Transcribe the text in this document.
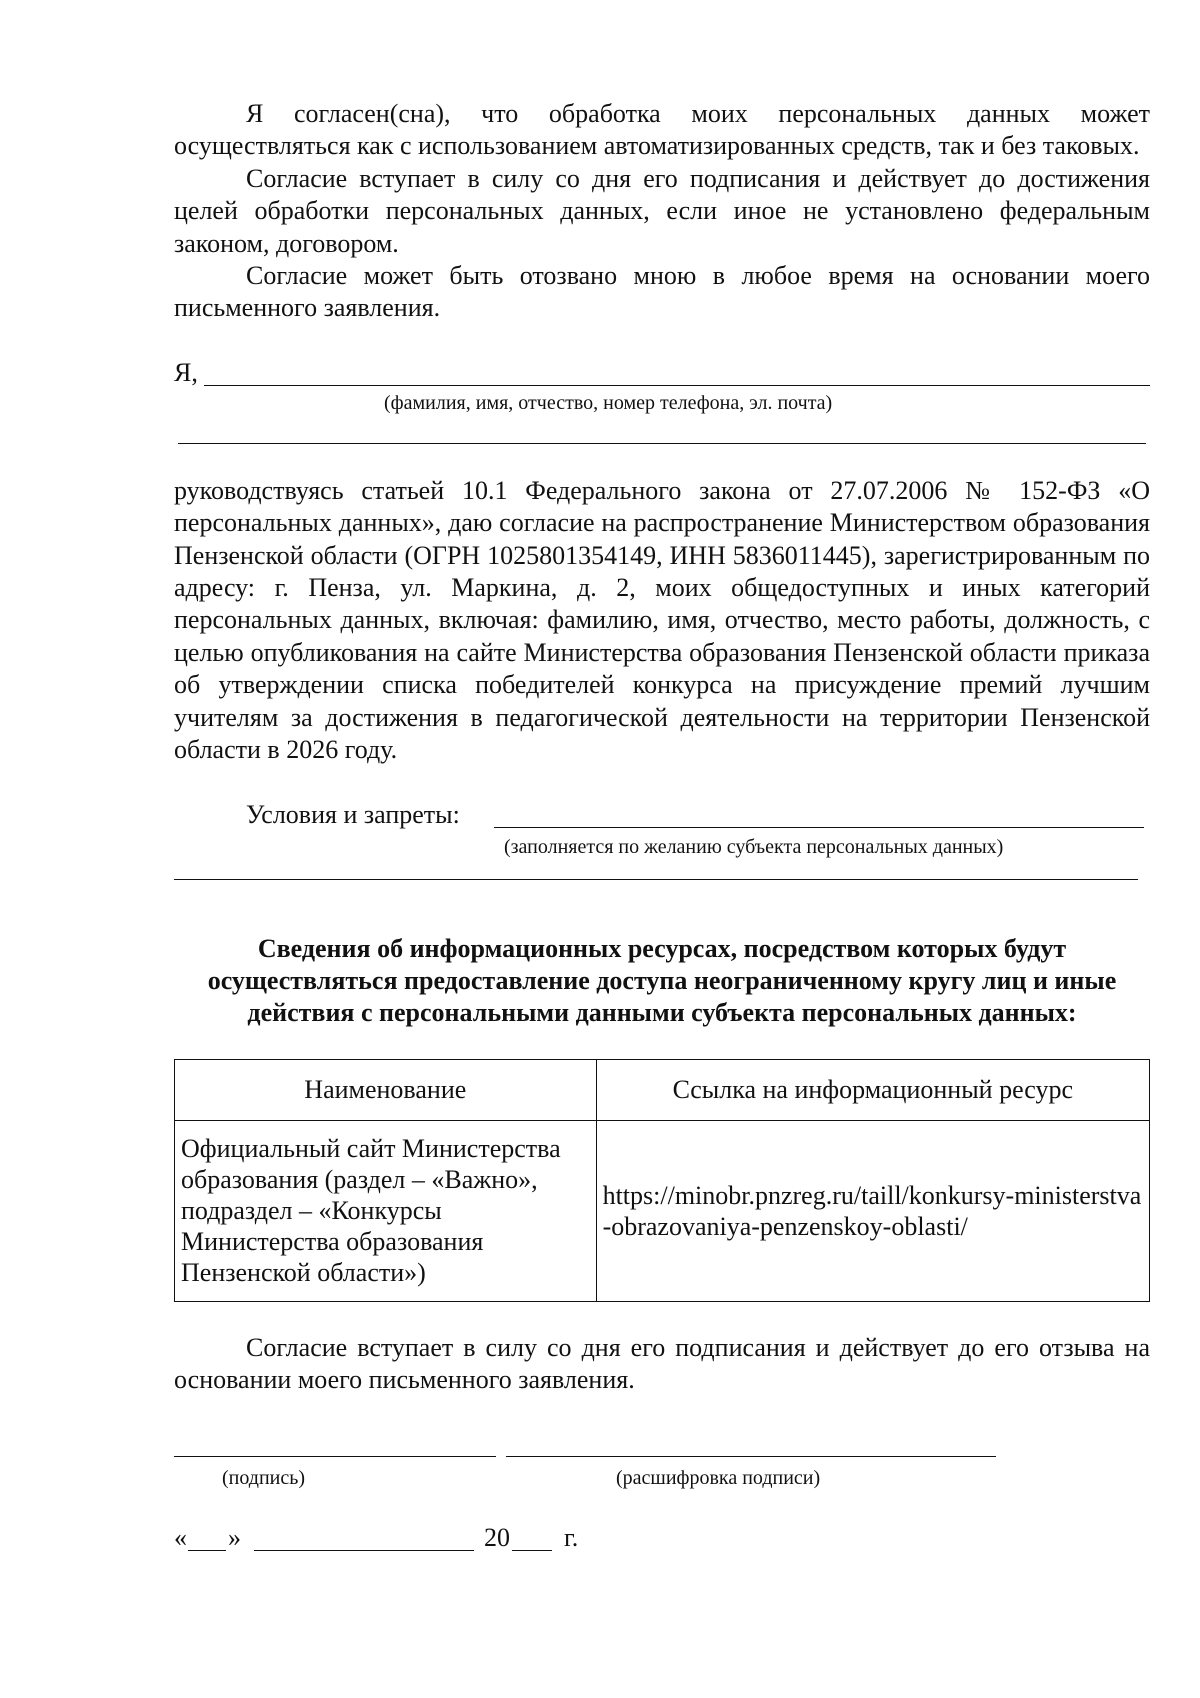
Я согласен(сна), что обработка моих персональных данных может осуществляться как с использованием автоматизированных средств, так и без таковых.

Согласие вступает в силу со дня его подписания и действует до достижения целей обработки персональных данных, если иное не установлено федеральным законом, договором.

Согласие может быть отозвано мною в любое время на основании моего письменного заявления.

Я,
(фамилия, имя, отчество, номер телефона, эл. почта)

руководствуясь статьей 10.1 Федерального закона от 27.07.2006 № 152-ФЗ «О персональных данных», даю согласие на распространение Министерством образования Пензенской области (ОГРН 1025801354149, ИНН 5836011445), зарегистрированным по адресу: г. Пенза, ул. Маркина, д. 2, моих общедоступных и иных категорий персональных данных, включая: фамилию, имя, отчество, место работы, должность, с целью опубликования на сайте Министерства образования Пензенской области приказа об утверждении списка победителей конкурса на присуждение премий лучшим учителям за достижения в педагогической деятельности на территории Пензенской области в 2026 году.

Условия и запреты:
(заполняется по желанию субъекта персональных данных)

Сведения об информационных ресурсах, посредством которых будут осуществляться предоставление доступа неограниченному кругу лиц и иные действия с персональными данными субъекта персональных данных:

Наименование	Ссылка на информационный ресурс
Официальный сайт Министерства образования (раздел – «Важно», подраздел – «Конкурсы Министерства образования Пензенской области»)	https://minobr.pnzreg.ru/taill/konkursy-ministerstva-obrazovaniya-penzenskoy-oblasti/

Согласие вступает в силу со дня его подписания и действует до его отзыва на основании моего письменного заявления.

(подпись)	(расшифровка подписи)
« »	20 г.
